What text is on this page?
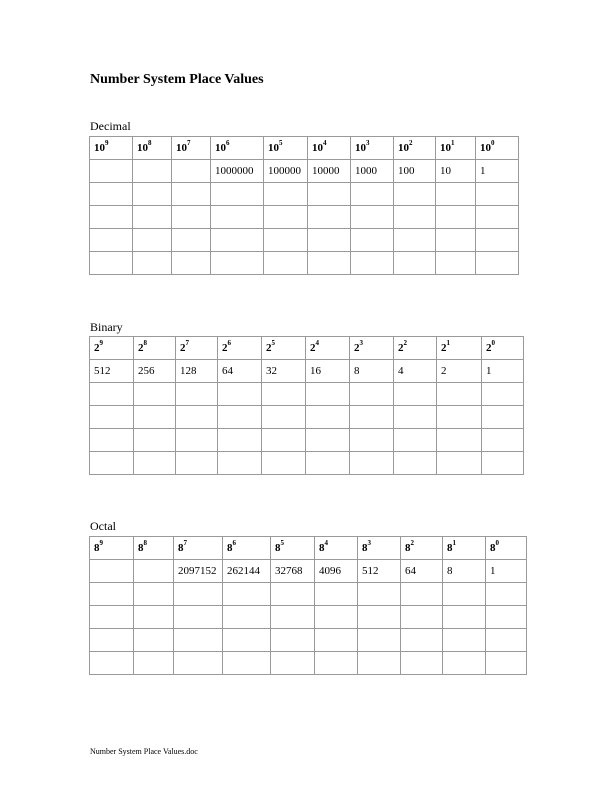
Number System Place Values
Decimal
$10^9$	$10^8$	$10^7$	$10^6$	$10^5$	$10^4$	$10^3$	$10^2$	$10^1$	$10^0$
			1000000	100000	10000	1000	100	10	1

Binary
$2^9$	$2^8$	$2^7$	$2^6$	$2^5$	$2^4$	$2^3$	$2^2$	$2^1$	$2^0$
512	256	128	64	32	16	8	4	2	1

Octal
$8^9$	$8^8$	$8^7$	$8^6$	$8^5$	$8^4$	$8^3$	$8^2$	$8^1$	$8^0$
		2097152	262144	32768	4096	512	64	8	1

Number System Place Values.doc
